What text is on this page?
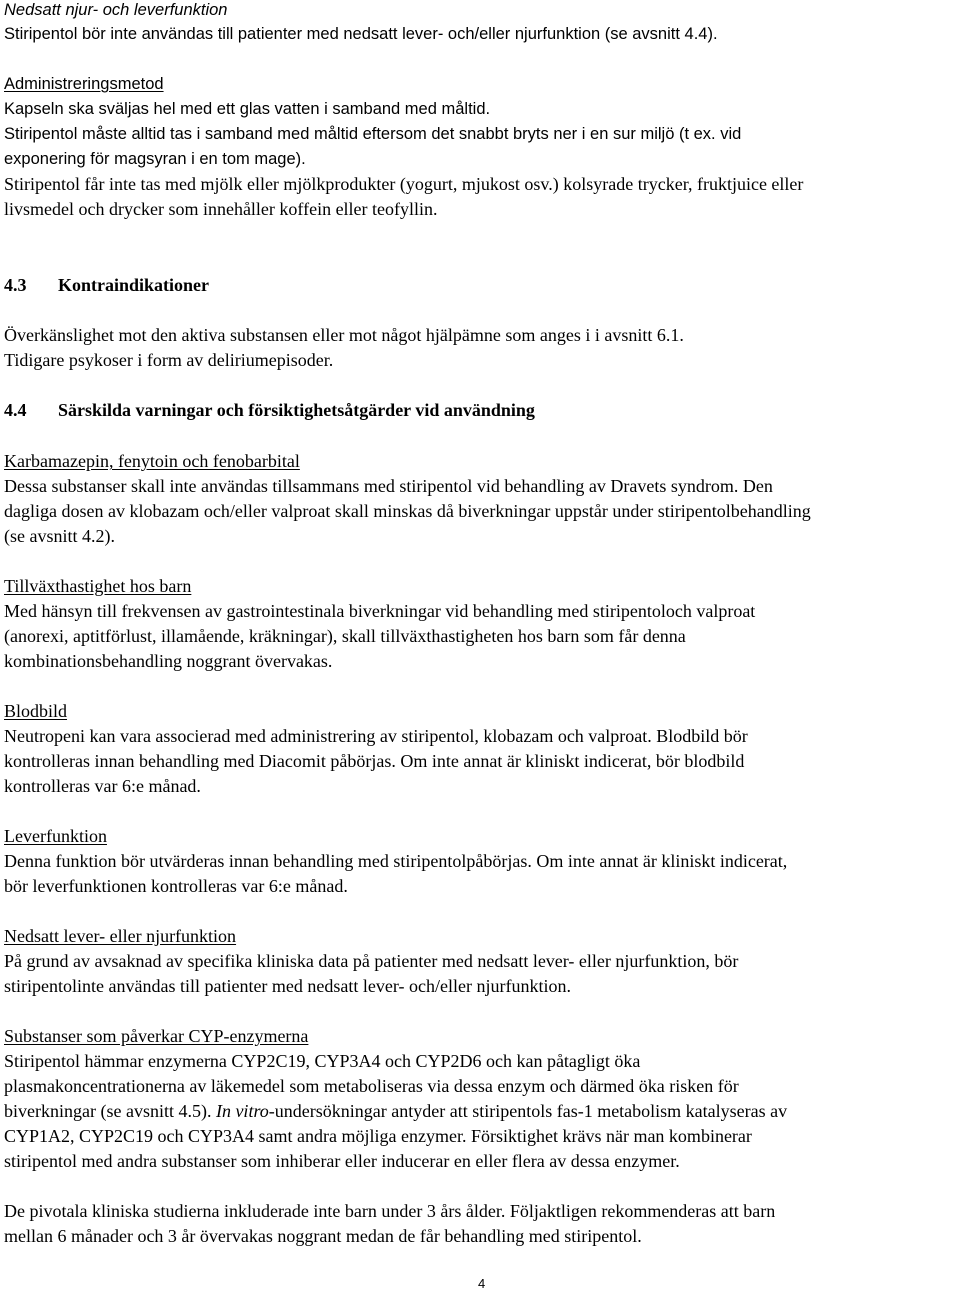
Nedsatt njur- och leverfunktion
Stiripentol bör inte användas till patienter med nedsatt lever- och/eller njurfunktion (se avsnitt 4.4).
Administreringsmetod
Kapseln ska sväljas hel med ett glas vatten i samband med måltid.
Stiripentol måste alltid tas i samband med måltid eftersom det snabbt bryts ner i en sur miljö (t ex. vid
exponering för magsyran i en tom mage).
Stiripentol får inte tas med mjölk eller mjölkprodukter (yogurt, mjukost osv.) kolsyrade trycker, fruktjuice eller
livsmedel och drycker som innehåller koffein eller teofyllin.
4.3 Kontraindikationer
Överkänslighet mot den aktiva substansen eller mot något hjälpämne som anges i i avsnitt 6.1.
Tidigare psykoser i form av deliriumepisoder.
4.4 Särskilda varningar och försiktighetsåtgärder vid användning
Karbamazepin, fenytoin och fenobarbital
Dessa substanser skall inte användas tillsammans med stiripentol vid behandling av Dravets syndrom. Den
dagliga dosen av klobazam och/eller valproat skall minskas då biverkningar uppstår under stiripentolbehandling
(se avsnitt 4.2).
Tillväxthastighet hos barn
Med hänsyn till frekvensen av gastrointestinala biverkningar vid behandling med stiripentoloch valproat
(anorexi, aptitförlust, illamående, kräkningar), skall tillväxthastigheten hos barn som får denna
kombinationsbehandling noggrant övervakas.
Blodbild
Neutropeni kan vara associerad med administrering av stiripentol, klobazam och valproat. Blodbild bör
kontrolleras innan behandling med Diacomit påbörjas. Om inte annat är kliniskt indicerat, bör blodbild
kontrolleras var 6:e månad.
Leverfunktion
Denna funktion bör utvärderas innan behandling med stiripentolpåbörjas. Om inte annat är kliniskt indicerat,
bör leverfunktionen kontrolleras var 6:e månad.
Nedsatt lever- eller njurfunktion
På grund av avsaknad av specifika kliniska data på patienter med nedsatt lever- eller njurfunktion, bör
stiripentolinte användas till patienter med nedsatt lever- och/eller njurfunktion.
Substanser som påverkar CYP-enzymerna
Stiripentol hämmar enzymerna CYP2C19, CYP3A4 och CYP2D6 och kan påtagligt öka
plasmakoncentrationerna av läkemedel som metaboliseras via dessa enzym och därmed öka risken för
biverkningar (se avsnitt 4.5). In vitro-undersökningar antyder att stiripentols fas-1 metabolism katalyseras av
CYP1A2, CYP2C19 och CYP3A4 samt andra möjliga enzymer. Försiktighet krävs när man kombinerar
stiripentol med andra substanser som inhiberar eller inducerar en eller flera av dessa enzymer.
De pivotala kliniska studierna inkluderade inte barn under 3 års ålder. Följaktligen rekommenderas att barn
mellan 6 månader och 3 år övervakas noggrant medan de får behandling med stiripentol.
4
